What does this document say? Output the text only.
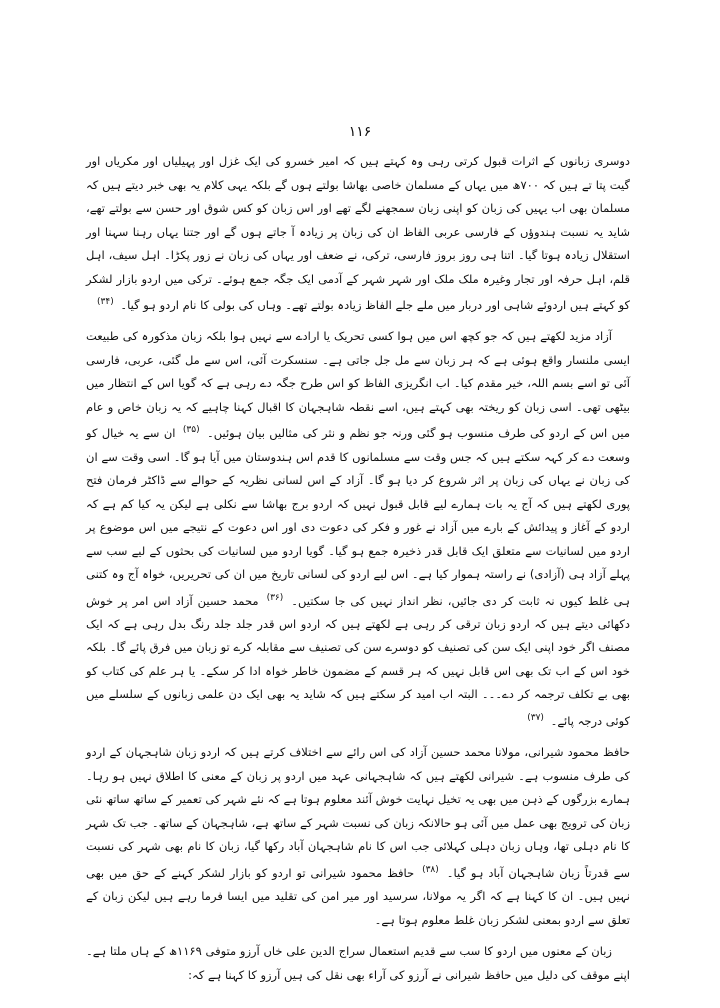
۱۱۶

دوسری زبانوں کے اثرات قبول کرتی رہی وہ کہتے ہیں کہ امیر خسرو کی ایک غزل اور پہیلیاں اور مکریاں اور گیت پتا تے ہیں کہ ۷۰۰ھ میں یہاں کے مسلمان خاصی بھاشا بولتے ہوں گے بلکہ یہی کلام یہ بھی خبر دیتے ہیں کہ مسلمان بھی اب یہیں کی زبان کو اپنی زبان سمجھنے لگے تھے اور اس زبان کو کس شوق اور حسن سے بولتے تھے، شاید یہ نسبت ہندوؤں کے فارسی عربی الفاظ ان کی زبان پر زیادہ آ جاتے ہوں گے اور جتنا یہاں رہنا سہنا اور استقلال زیادہ ہوتا گیا۔ اتنا ہی روز بروز فارسی، ترکی، نے ضعف اور یہاں کی زبان نے زور پکڑا۔ اہل سیف، اہل قلم، اہل حرفہ اور تجار وغیرہ ملک ملک اور شہر شہر کے آدمی ایک جگہ جمع ہوئے۔ ترکی میں اردو بازار لشکر کو کہتے ہیں اردوئے شاہی اور دربار میں ملے جلے الفاظ زیادہ بولتے تھے۔ وہاں کی بولی کا نام اردو ہو گیا۔ $^{(۳۴)}$

آزاد مزید لکھتے ہیں کہ جو کچھ اس میں ہوا کسی تحریک یا ارادے سے نہیں ہوا بلکہ زبان مذکورہ کی طبیعت ایسی ملنسار واقع ہوئی ہے کہ ہر زبان سے مل جل جاتی ہے۔ سنسکرت آئی، اس سے مل گئی، عربی، فارسی آئی تو اسے بسم اللہ، خیر مقدم کیا۔ اب انگریزی الفاظ کو اس طرح جگہ دے رہی ہے کہ گویا اس کے انتظار میں بیٹھی تھی۔ اسی زبان کو ریختہ بھی کہتے ہیں، اسے نقطہ شاہجہان کا اقبال کہنا چاہیے کہ یہ زبان خاص و عام میں اس کے اردو کی طرف منسوب ہو گئی ورنہ جو نظم و نثر کی مثالیں بیان ہوئیں۔ $^{(۳۵)}$ ان سے یہ خیال کو وسعت دے کر کہہ سکتے ہیں کہ جس وقت سے مسلمانوں کا قدم اس ہندوستان میں آیا ہو گا۔ اسی وقت سے ان کی زبان نے یہاں کی زبان پر اثر شروع کر دیا ہو گا۔ آزاد کے اس لسانی نظریہ کے حوالے سے ڈاکٹر فرمان فتح پوری لکھتے ہیں کہ آج یہ بات ہمارے لیے قابل قبول نہیں کہ اردو برج بھاشا سے نکلی ہے لیکن یہ کیا کم ہے کہ اردو کے آغاز و پیدائش کے بارے میں آزاد نے غور و فکر کی دعوت دی اور اس دعوت کے نتیجے میں اس موضوع پر اردو میں لسانیات سے متعلق ایک قابل قدر ذخیرہ جمع ہو گیا۔ گویا اردو میں لسانیات کی بحثوں کے لیے سب سے پہلے آزاد ہی (آزادی) نے راستہ ہموار کیا ہے۔ اس لیے اردو کی لسانی تاریخ میں ان کی تحریریں، خواہ آج وہ کتنی ہی غلط کیوں نہ ثابت کر دی جائیں، نظر انداز نہیں کی جا سکتیں۔ $^{(۳۶)}$ محمد حسین آزاد اس امر پر خوش دکھائی دیتے ہیں کہ اردو زبان ترقی کر رہی ہے لکھتے ہیں کہ اردو اس قدر جلد جلد رنگ بدل رہی ہے کہ ایک مصنف اگر خود اپنی ایک سن کی تصنیف کو دوسرے سن کی تصنیف سے مقابلہ کرے تو زبان میں فرق پائے گا۔ بلکہ خود اس کے اب تک بھی اس قابل نہیں کہ ہر قسم کے مضمون خاطر خواہ ادا کر سکے۔ یا ہر علم کی کتاب کو بھی بے تکلف ترجمہ کر دے۔۔۔ البتہ اب امید کر سکتے ہیں کہ شاید یہ بھی ایک دن علمی زبانوں کے سلسلے میں کوئی درجہ پائے۔ $^{(۳۷)}$

حافظ محمود شیرانی، مولانا محمد حسین آزاد کی اس رائے سے اختلاف کرتے ہیں کہ اردو زبان شاہجہان کے اردو کی طرف منسوب ہے۔ شیرانی لکھتے ہیں کہ شاہجہانی عہد میں اردو پر زبان کے معنی کا اطلاق نہیں ہو رہا۔ ہمارے بزرگوں کے ذہن میں بھی یہ تخیل نہایت خوش آئند معلوم ہوتا ہے کہ نئے شہر کی تعمیر کے ساتھ ساتھ نئی زبان کی ترویج بھی عمل میں آئی ہو حالانکہ زبان کی نسبت شہر کے ساتھ ہے، شاہجہان کے ساتھ۔ جب تک شہر کا نام دہلی تھا، وہاں زبان دہلی کہلائی جب اس کا نام شاہجہان آباد رکھا گیا، زبان کا نام بھی شہر کی نسبت سے قدرتاً زبان شاہجہان آباد ہو گیا۔ $^{(۳۸)}$ حافظ محمود شیرانی تو اردو کو بازار لشکر کہنے کے حق میں بھی نہیں ہیں۔ ان کا کہنا ہے کہ اگر یہ مولانا، سرسید اور میر امن کی تقلید میں ایسا فرما رہے ہیں لیکن زبان کے تعلق سے اردو بمعنی لشکر زبان غلط معلوم ہوتا ہے۔

زبان کے معنوں میں اردو کا سب سے قدیم استعمال سراج الدین علی خاں آرزو متوفی ۱۱۶۹ھ کے ہاں ملتا ہے۔ اپنے موقف کی دلیل میں حافظ شیرانی نے آرزو کی آراء بھی نقل کی ہیں آرزو کا کہنا ہے کہ:
